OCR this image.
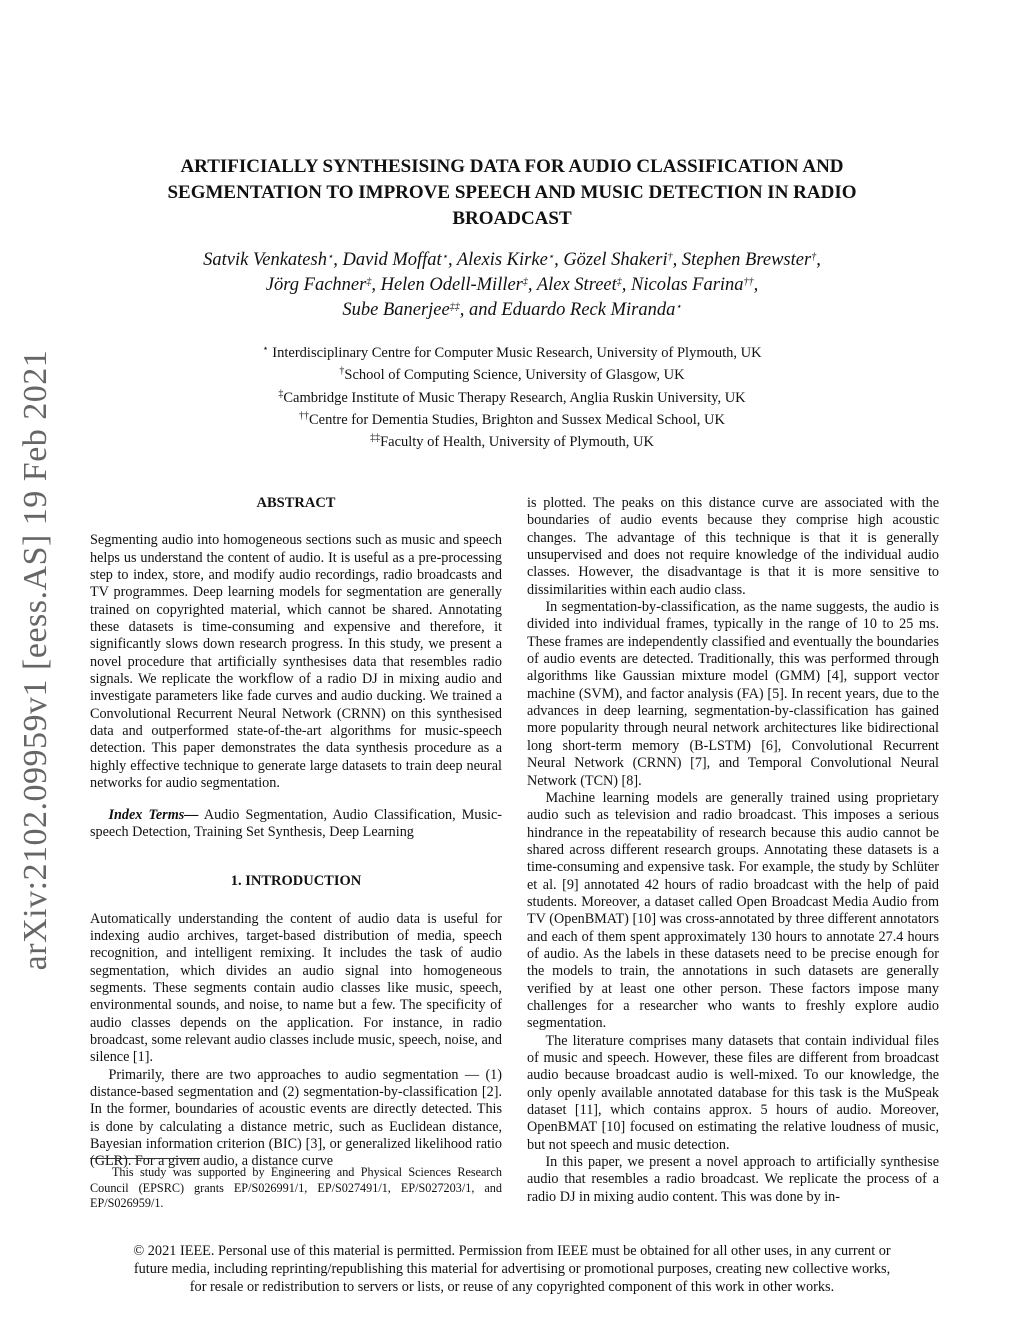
arXiv:2102.09959v1 [eess.AS] 19 Feb 2021
ARTIFICIALLY SYNTHESISING DATA FOR AUDIO CLASSIFICATION AND
SEGMENTATION TO IMPROVE SPEECH AND MUSIC DETECTION IN RADIO
BROADCAST
Satvik Venkatesh⋆, David Moffat⋆, Alexis Kirke⋆, Gözel Shakeri†, Stephen Brewster†,
Jörg Fachner‡, Helen Odell-Miller‡, Alex Street‡, Nicolas Farina††,
Sube Banerjee‡‡, and Eduardo Reck Miranda⋆
⋆ Interdisciplinary Centre for Computer Music Research, University of Plymouth, UK
†School of Computing Science, University of Glasgow, UK
‡Cambridge Institute of Music Therapy Research, Anglia Ruskin University, UK
††Centre for Dementia Studies, Brighton and Sussex Medical School, UK
‡‡Faculty of Health, University of Plymouth, UK
ABSTRACT

Segmenting audio into homogeneous sections such as music and speech helps us understand the content of audio. It is useful as a pre-processing step to index, store, and modify audio recordings, radio broadcasts and TV programmes. Deep learning models for segmentation are generally trained on copyrighted material, which cannot be shared. Annotating these datasets is time-consuming and expensive and therefore, it significantly slows down research progress. In this study, we present a novel procedure that artificially synthesises data that resembles radio signals. We replicate the workflow of a radio DJ in mixing audio and investigate parameters like fade curves and audio ducking. We trained a Convolutional Recurrent Neural Network (CRNN) on this synthesised data and outperformed state-of-the-art algorithms for music-speech detection. This paper demonstrates the data synthesis procedure as a highly effective technique to generate large datasets to train deep neural networks for audio segmentation.

Index Terms— Audio Segmentation, Audio Classification, Music-speech Detection, Training Set Synthesis, Deep Learning

1. INTRODUCTION

Automatically understanding the content of audio data is useful for indexing audio archives, target-based distribution of media, speech recognition, and intelligent remixing. It includes the task of audio segmentation, which divides an audio signal into homogeneous segments. These segments contain audio classes like music, speech, environmental sounds, and noise, to name but a few. The specificity of audio classes depends on the application. For instance, in radio broadcast, some relevant audio classes include music, speech, noise, and silence [1].

Primarily, there are two approaches to audio segmentation — (1) distance-based segmentation and (2) segmentation-by-classification [2]. In the former, boundaries of acoustic events are directly detected. This is done by calculating a distance metric, such as Euclidean distance, Bayesian information criterion (BIC) [3], or generalized likelihood ratio (GLR). For a given audio, a distance curve

is plotted. The peaks on this distance curve are associated with the boundaries of audio events because they comprise high acoustic changes. The advantage of this technique is that it is generally unsupervised and does not require knowledge of the individual audio classes. However, the disadvantage is that it is more sensitive to dissimilarities within each audio class.

In segmentation-by-classification, as the name suggests, the audio is divided into individual frames, typically in the range of 10 to 25 ms. These frames are independently classified and eventually the boundaries of audio events are detected. Traditionally, this was performed through algorithms like Gaussian mixture model (GMM) [4], support vector machine (SVM), and factor analysis (FA) [5]. In recent years, due to the advances in deep learning, segmentation-by-classification has gained more popularity through neural network architectures like bidirectional long short-term memory (B-LSTM) [6], Convolutional Recurrent Neural Network (CRNN) [7], and Temporal Convolutional Neural Network (TCN) [8].

Machine learning models are generally trained using proprietary audio such as television and radio broadcast. This imposes a serious hindrance in the repeatability of research because this audio cannot be shared across different research groups. Annotating these datasets is a time-consuming and expensive task. For example, the study by Schlüter et al. [9] annotated 42 hours of radio broadcast with the help of paid students. Moreover, a dataset called Open Broadcast Media Audio from TV (OpenBMAT) [10] was cross-annotated by three different annotators and each of them spent approximately 130 hours to annotate 27.4 hours of audio. As the labels in these datasets need to be precise enough for the models to train, the annotations in such datasets are generally verified by at least one other person. These factors impose many challenges for a researcher who wants to freshly explore audio segmentation.

The literature comprises many datasets that contain individual files of music and speech. However, these files are different from broadcast audio because broadcast audio is well-mixed. To our knowledge, the only openly available annotated database for this task is the MuSpeak dataset [11], which contains approx. 5 hours of audio. Moreover, OpenBMAT [10] focused on estimating the relative loudness of music, but not speech and music detection.

In this paper, we present a novel approach to artificially synthesise audio that resembles a radio broadcast. We replicate the process of a radio DJ in mixing audio content. This was done by in-

This study was supported by Engineering and Physical Sciences Research Council (EPSRC) grants EP/S026991/1, EP/S027491/1, EP/S027203/1, and EP/S026959/1.

© 2021 IEEE. Personal use of this material is permitted. Permission from IEEE must be obtained for all other uses, in any current or
future media, including reprinting/republishing this material for advertising or promotional purposes, creating new collective works,
for resale or redistribution to servers or lists, or reuse of any copyrighted component of this work in other works.
